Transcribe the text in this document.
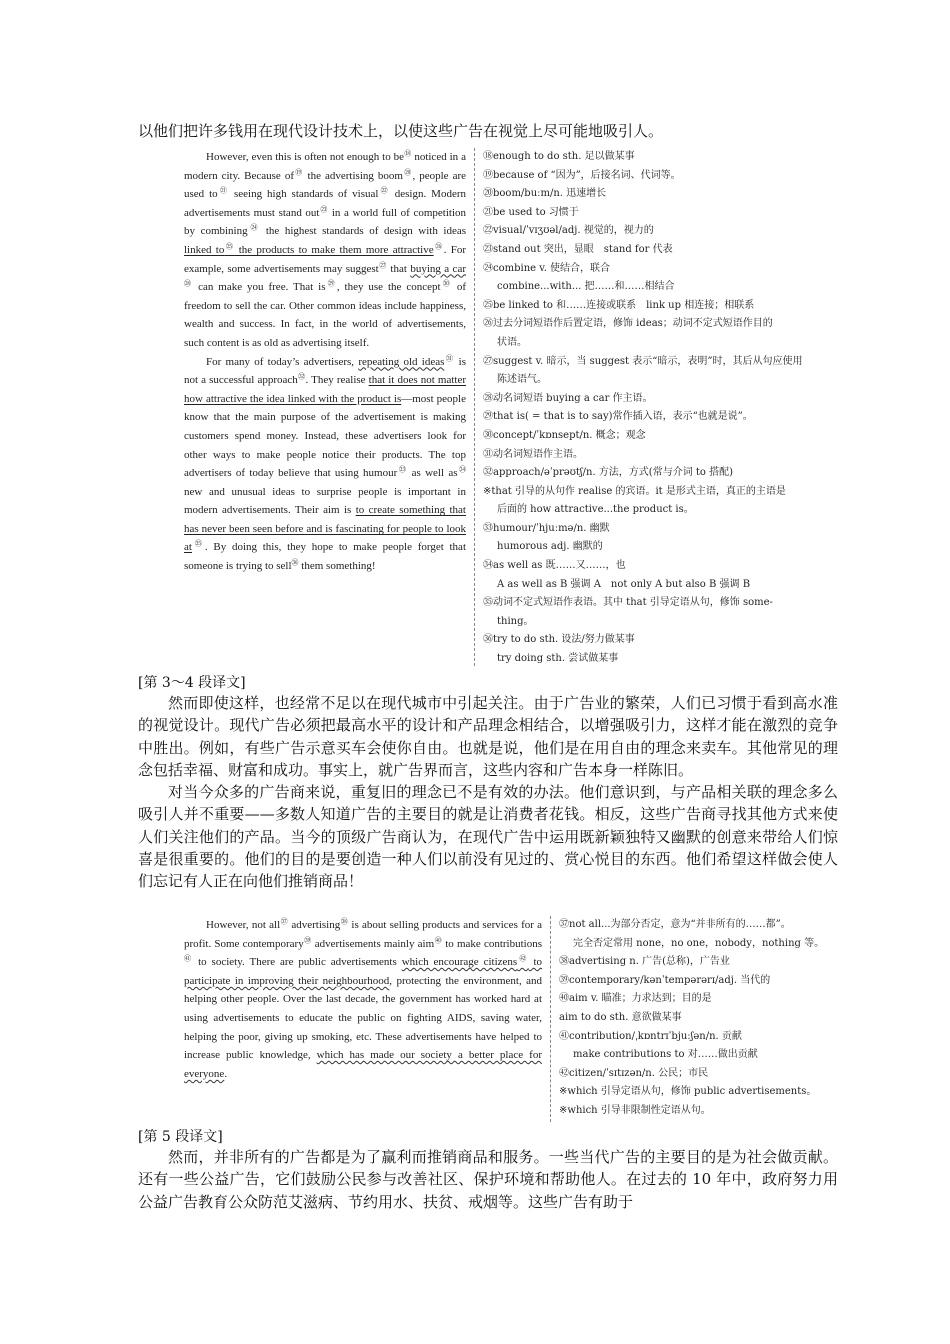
以他们把许多钱用在现代设计技术上，以使这些广告在视觉上尽可能地吸引人。

However, even this is often not enough to be⑱ noticed in a modern city. Because of⑲ the advertising boom⑳, people are used $to^㉑$ seeing high standards of visual$^㉒$ design. Modern advertisements must stand out$^㉓$ in a world full of competition by combining$^㉔$ the highest standards of design with ideas linked $to^㉕$ the products to make them more attractive$^㉖$. For example, some advertisements may suggest$^㉗$ that buying a car$^㉘$ can make you free. That $is^㉙$, they use the concept$^㉚$ of freedom to sell the car. Other common ideas include happiness, wealth and success. In fact, in the world of advertisements, such content is as old as advertising itself.

For many of today’s advertisers, repeating old ideas$^㉛$ is not a successful approach$^㉜$. They realise that it does not matter how attractive the idea linked with the product is—most people know that the main purpose of the advertisement is making customers spend money. Instead, these advertisers look for other ways to make people notice their products. The top advertisers of today believe that using humour$^㉝$ as well $as^㉞$ new and unusual ideas to surprise people is important in modern advertisements. Their aim is to create something that has never been seen before and is fascinating for people to look $at^㉟$. By doing this, they hope to make people forget that someone is trying to sell$^㊱$ them something!

⑱enough to do sth. 足以做某事
⑲because of “因为”，后接名词、代词等。
⑳boom/buːm/n. 迅速增长
㉑be used to 习惯于
㉒visual/ˈvɪʒʊəl/adj. 视觉的，视力的
㉓stand out 突出，显眼　stand for 代表
㉔combine v. 使结合，联合
combine...with... 把……和……相结合
㉕be linked to 和……连接或联系　link up 相连接；相联系
㉖过去分词短语作后置定语，修饰 ideas；动词不定式短语作目的
状语。
㉗suggest v. 暗示，当 suggest 表示“暗示，表明”时，其后从句应使用
陈述语气。
㉘动名词短语 buying a car 作主语。
㉙that is( = that is to say)常作插入语，表示“也就是说”。
㉚concept/ˈkɒnsept/n. 概念；观念
㉛动名词短语作主语。
㉜approach/əˈprəʊtʃ/n. 方法，方式(常与介词 to 搭配)
※that 引导的从句作 realise 的宾语。it 是形式主语，真正的主语是
后面的 how attractive...the product is。
㉝humour/ˈhjuːmə/n. 幽默
humorous adj. 幽默的
㉞as well as 既……又……，也
A as well as B 强调 A　not only A but also B 强调 B
㉟动词不定式短语作表语。其中 that 引导定语从句，修饰 some-
thing。
㊱try to do sth. 设法/努力做某事
try doing sth. 尝试做某事
[第 3～4 段译文]

然而即使这样，也经常不足以在现代城市中引起关注。由于广告业的繁荣，人们已习惯于看到高水准的视觉设计。现代广告必须把最高水平的设计和产品理念相结合，以增强吸引力，这样才能在激烈的竞争中胜出。例如，有些广告示意买车会使你自由。也就是说，他们是在用自由的理念来卖车。其他常见的理念包括幸福、财富和成功。事实上，就广告界而言，这些内容和广告本身一样陈旧。

对当今众多的广告商来说，重复旧的理念已不是有效的办法。他们意识到，与产品相关联的理念多么吸引人并不重要——多数人知道广告的主要目的就是让消费者花钱。相反，这些广告商寻找其他方式来使人们关注他们的产品。当今的顶级广告商认为，在现代广告中运用既新颖独特又幽默的创意来带给人们惊喜是很重要的。他们的目的是要创造一种人们以前没有见过的、赏心悦目的东西。他们希望这样做会使人们忘记有人正在向他们推销商品！

However, not all$^㊲$ advertising$^㊳$ is about selling products and services for a profit. Some contemporary$^㊴$ advertisements mainly aim$^㊵$ to make contributions$^㊶$ to society. There are public advertisements which encourage citizens$^㊷$ to participate in improving their neighbourhood, protecting the environment, and helping other people. Over the last decade, the government has worked hard at using advertisements to educate the public on fighting AIDS, saving water, helping the poor, giving up smoking, etc. These advertisements have helped to increase public knowledge, which has made our society a better place for everyone.

㊲not all...为部分否定，意为“并非所有的……都”。
完全否定常用 none，no one，nobody，nothing 等。
㊳advertising n. 广告(总称)，广告业
㊴contemporary/kənˈtempərərɪ/adj. 当代的
㊵aim v. 瞄准；力求达到；目的是
aim to do sth. 意欲做某事
㊶contribution/ˌkɒntrɪˈbjuːʃən/n. 贡献
make contributions to 对……做出贡献
㊷citizen/ˈsɪtɪzən/n. 公民；市民
※which 引导定语从句，修饰 public advertisements。
※which 引导非限制性定语从句。
[第 5 段译文]

然而，并非所有的广告都是为了赢利而推销商品和服务。一些当代广告的主要目的是为社会做贡献。还有一些公益广告，它们鼓励公民参与改善社区、保护环境和帮助他人。在过去的 10 年中，政府努力用公益广告教育公众防范艾滋病、节约用水、扶贫、戒烟等。这些广告有助于
